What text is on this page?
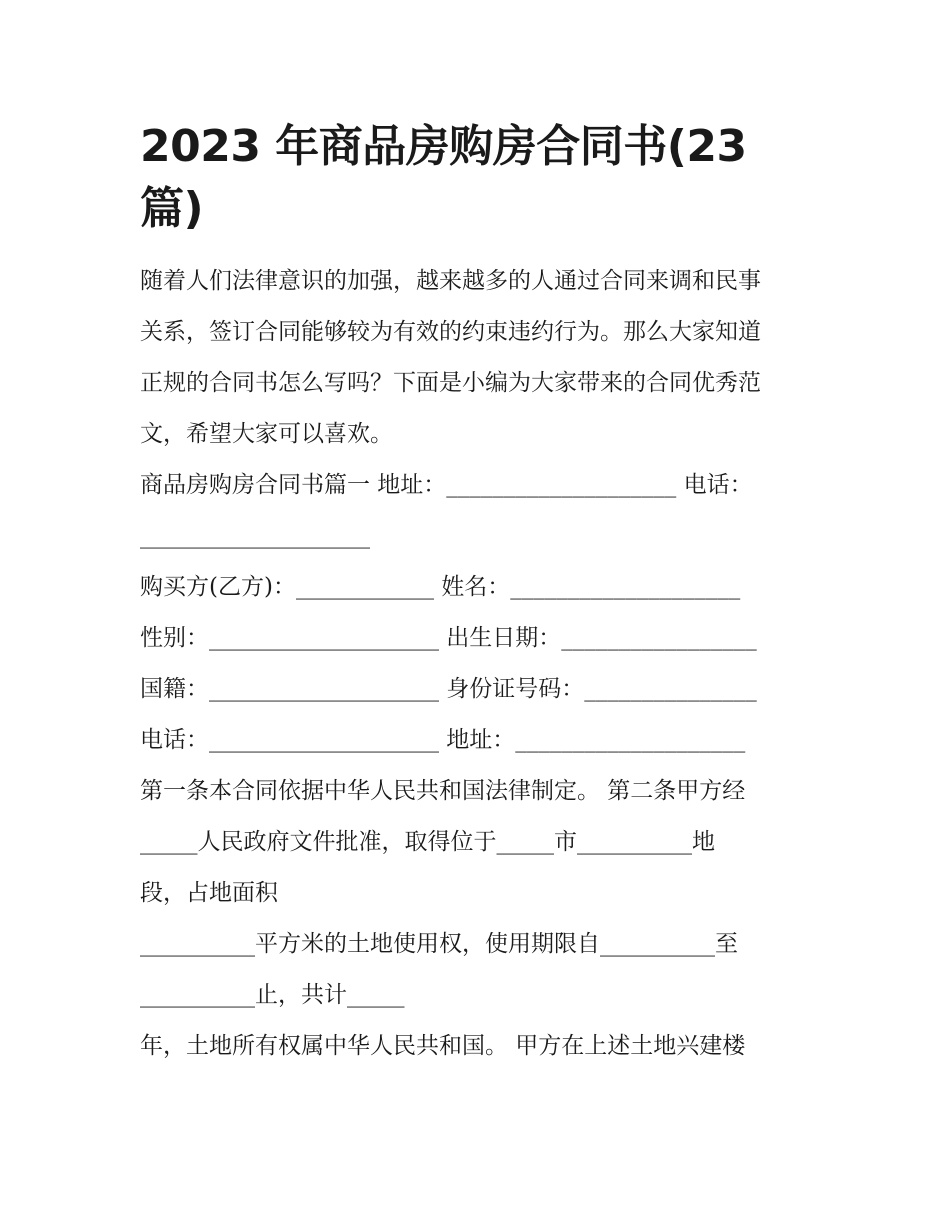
2023 年商品房购房合同书(23
篇)

随着人们法律意识的加强，越来越多的人通过合同来调和民事
关系，签订合同能够较为有效的约束违约行为。那么大家知道
正规的合同书怎么写吗？下面是小编为大家带来的合同优秀范
文，希望大家可以喜欢。

商品房购房合同书篇一 地址：____________________ 电话：

____________________

购买方(乙方)：____________ 姓名：____________________

性别：____________________ 出生日期：_________________

国籍：____________________ 身份证号码：_______________

电话：____________________ 地址：____________________

第一条本合同依据中华人民共和国法律制定。 第二条甲方经

_____人民政府文件批准，取得位于_____市__________地

段，占地面积

__________平方米的土地使用权，使用期限自__________至

__________止，共计_____

年，土地所有权属中华人民共和国。 甲方在上述土地兴建楼
